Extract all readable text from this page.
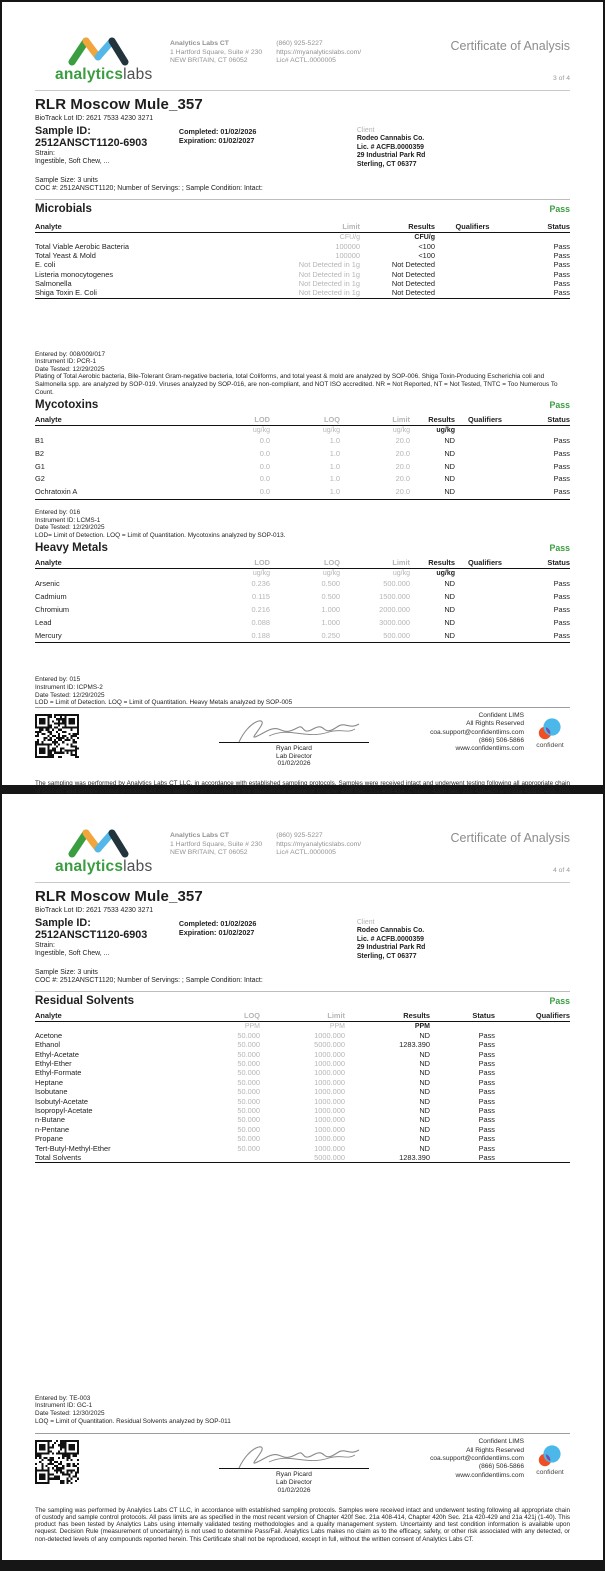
analyticslabs
Analytics Labs CT
1 Hartford Square, Suite # 230
NEW BRITAIN, CT 06052
(860) 925-5227
https://myanalyticslabs.com/
Lic# ACTL.0000005
Certificate of Analysis
3 of 4
RLR Moscow Mule_357
BioTrack Lot ID: 2621 7533 4230 3271
Sample ID: 2512ANSCT1120-6903
Strain:
Ingestible, Soft Chew, ...
Completed: 01/02/2026
Expiration: 01/02/2027
Client
Rodeo Cannabis Co.
Lic. # ACFB.0000359
29 Industrial Park Rd
Sterling, CT 06377
Sample Size: 3 units
COC #: 2512ANSCT1120; Number of Servings: ; Sample Condition: Intact:
Microbials	Pass
Analyte	Limit	Results	Qualifiers	Status
	CFU/g	CFU/g		
Total Viable Aerobic Bacteria	100000	<100		Pass
Total Yeast & Mold	100000	<100		Pass
E. coli	Not Detected in 1g	Not Detected		Pass
Listeria monocytogenes	Not Detected in 1g	Not Detected		Pass
Salmonella	Not Detected in 1g	Not Detected		Pass
Shiga Toxin E. Coli	Not Detected in 1g	Not Detected		Pass
Entered by: 008/009/017
Instrument ID: PCR-1
Date Tested: 12/29/2025
Plating of Total Aerobic bacteria, Bile-Tolerant Gram-negative bacteria, total Coliforms, and total yeast & mold are analyzed by SOP-006. Shiga Toxin-Producing Escherichia coli and Salmonella spp. are analyzed by SOP-019. Viruses analyzed by SOP-016, are non-compliant, and NOT ISO accredited. NR = Not Reported, NT = Not Tested, TNTC = Too Numerous To Count.
Mycotoxins	Pass
Analyte	LOD	LOQ	Limit	Results	Qualifiers	Status
	ug/kg	ug/kg	ug/kg	ug/kg		
B1	0.0	1.0	20.0	ND		Pass
B2	0.0	1.0	20.0	ND		Pass
G1	0.0	1.0	20.0	ND		Pass
G2	0.0	1.0	20.0	ND		Pass
Ochratoxin A	0.0	1.0	20.0	ND		Pass
Entered by: 016
Instrument ID: LCMS-1
Date Tested: 12/29/2025
LOD= Limit of Detection. LOQ = Limit of Quantitation. Mycotoxins analyzed by SOP-013.
Heavy Metals	Pass
Analyte	LOD	LOQ	Limit	Results	Qualifiers	Status
	ug/kg	ug/kg	ug/kg	ug/kg		
Arsenic	0.236	0.500	500.000	ND		Pass
Cadmium	0.115	0.500	1500.000	ND		Pass
Chromium	0.216	1.000	2000.000	ND		Pass
Lead	0.088	1.000	3000.000	ND		Pass
Mercury	0.188	0.250	500.000	ND		Pass
Entered by: 015
Instrument ID: ICPMS-2
Date Tested: 12/29/2025
LOD = Limit of Detection. LOQ = Limit of Quantitation. Heavy Metals analyzed by SOP-005
Ryan Picard
Lab Director
01/02/2026
Confident LIMS
All Rights Reserved
coa.support@confidentlims.com
(866) 506-5866
www.confidentlims.com	confident
The sampling was performed by Analytics Labs CT LLC, in accordance with established sampling protocols. Samples were received intact and underwent testing following all appropriate chain of custody and sample control protocols. All pass limits are as specified in the most recent version of Chapter 420f Sec. 21a 408-414, Chapter 420h Sec. 21a 420-429 and 21a 421j (1-40). This
analyticslabs
Analytics Labs CT
1 Hartford Square, Suite # 230
NEW BRITAIN, CT 06052
(860) 925-5227
https://myanalyticslabs.com/
Lic# ACTL.0000005
Certificate of Analysis
4 of 4
RLR Moscow Mule_357
BioTrack Lot ID: 2621 7533 4230 3271
Sample ID: 2512ANSCT1120-6903
Strain:
Ingestible, Soft Chew, ...
Completed: 01/02/2026
Expiration: 01/02/2027
Client
Rodeo Cannabis Co.
Lic. # ACFB.0000359
29 Industrial Park Rd
Sterling, CT 06377
Sample Size: 3 units
COC #: 2512ANSCT1120; Number of Servings: ; Sample Condition: Intact:
Residual Solvents	Pass
Analyte	LOQ	Limit	Results	Status	Qualifiers
	PPM	PPM	PPM		
Acetone	50.000	1000.000	ND	Pass	
Ethanol	50.000	5000.000	1283.390	Pass	
Ethyl-Acetate	50.000	1000.000	ND	Pass	
Ethyl-Ether	50.000	1000.000	ND	Pass	
Ethyl-Formate	50.000	1000.000	ND	Pass	
Heptane	50.000	1000.000	ND	Pass	
Isobutane	50.000	1000.000	ND	Pass	
Isobutyl-Acetate	50.000	1000.000	ND	Pass	
Isopropyl-Acetate	50.000	1000.000	ND	Pass	
n-Butane	50.000	1000.000	ND	Pass	
n-Pentane	50.000	1000.000	ND	Pass	
Propane	50.000	1000.000	ND	Pass	
Tert-Butyl-Methyl-Ether	50.000	1000.000	ND	Pass	
Total Solvents		5000.000	1283.390	Pass	
Entered by: TE-003
Instrument ID: GC-1
Date Tested: 12/30/2025
LOQ = Limit of Quantitation. Residual Solvents analyzed by SOP-011
Ryan Picard
Lab Director
01/02/2026
Confident LIMS
All Rights Reserved
coa.support@confidentlims.com
(866) 506-5866
www.confidentlims.com	confident
The sampling was performed by Analytics Labs CT LLC, in accordance with established sampling protocols. Samples were received intact and underwent testing following all appropriate chain of custody and sample control protocols. All pass limits are as specified in the most recent version of Chapter 420f Sec. 21a 408-414, Chapter 420h Sec. 21a 420-429 and 21a 421j (1-40). This product has been tested by Analytics Labs using internally validated testing methodologies and a quality management system. Uncertainty and test condition information is available upon request. Decision Rule (measurement of uncertainty) is not used to determine Pass/Fail. Analytics Labs makes no claim as to the efficacy, safety, or other risk associated with any detected, or non-detected levels of any compounds reported herein. This Certificate shall not be reproduced, except in full, without the written consent of Analytics Labs CT.
